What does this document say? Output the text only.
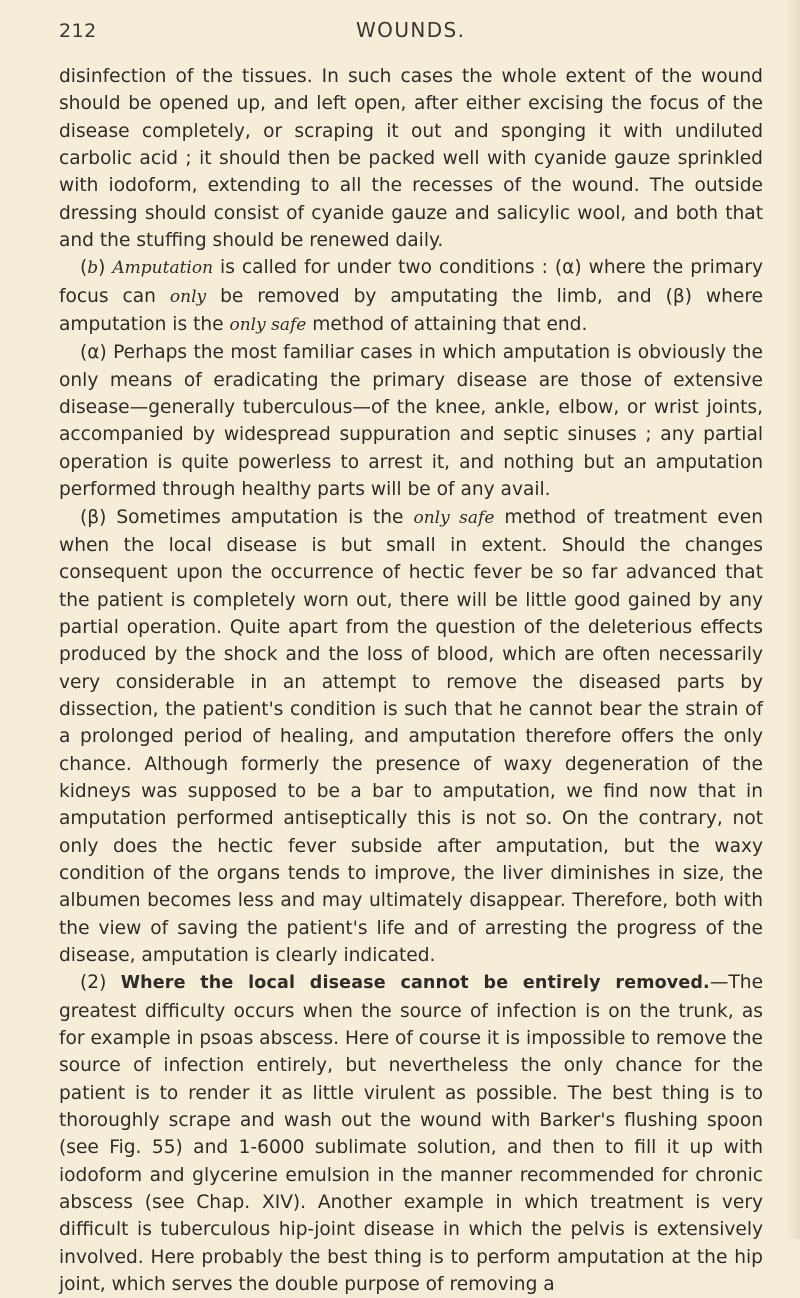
212	WOUNDS.

disinfection of the tissues. In such cases the whole extent of the wound should be opened up, and left open, after either excising the focus of the disease completely, or scraping it out and sponging it with undiluted carbolic acid ; it should then be packed well with cyanide gauze sprinkled with iodoform, extending to all the recesses of the wound. The outside dressing should consist of cyanide gauze and salicylic wool, and both that and the stuffing should be renewed daily.

(b) Amputation is called for under two conditions : (α) where the primary focus can only be removed by amputating the limb, and (β) where amputation is the only safe method of attaining that end.

(α) Perhaps the most familiar cases in which amputation is obviously the only means of eradicating the primary disease are those of extensive disease—generally tuberculous—of the knee, ankle, elbow, or wrist joints, accompanied by widespread suppuration and septic sinuses ; any partial operation is quite powerless to arrest it, and nothing but an amputation performed through healthy parts will be of any avail.

(β) Sometimes amputation is the only safe method of treatment even when the local disease is but small in extent. Should the changes consequent upon the occurrence of hectic fever be so far advanced that the patient is completely worn out, there will be little good gained by any partial operation. Quite apart from the question of the deleterious effects produced by the shock and the loss of blood, which are often necessarily very considerable in an attempt to remove the diseased parts by dissection, the patient's condition is such that he cannot bear the strain of a prolonged period of healing, and amputation therefore offers the only chance. Although formerly the presence of waxy degeneration of the kidneys was supposed to be a bar to amputation, we find now that in amputation performed antiseptically this is not so. On the contrary, not only does the hectic fever subside after amputation, but the waxy condition of the organs tends to improve, the liver diminishes in size, the albumen becomes less and may ultimately disappear. Therefore, both with the view of saving the patient's life and of arresting the progress of the disease, amputation is clearly indicated.

(2) Where the local disease cannot be entirely removed.—The greatest difficulty occurs when the source of infection is on the trunk, as for example in psoas abscess. Here of course it is impossible to remove the source of infection entirely, but nevertheless the only chance for the patient is to render it as little virulent as possible. The best thing is to thoroughly scrape and wash out the wound with Barker's flushing spoon (see Fig. 55) and 1-6000 sublimate solution, and then to fill it up with iodoform and glycerine emulsion in the manner recommended for chronic abscess (see Chap. XIV). Another example in which treatment is very difficult is tuberculous hip-joint disease in which the pelvis is extensively involved. Here probably the best thing is to perform amputation at the hip joint, which serves the double purpose of removing a
